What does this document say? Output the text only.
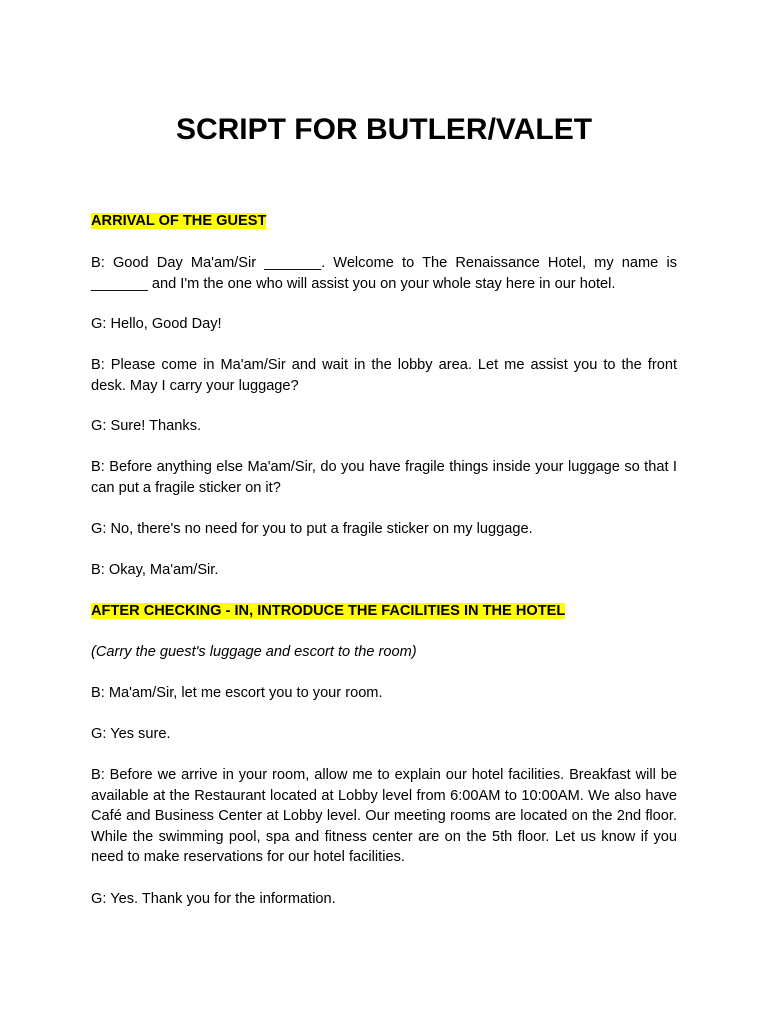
SCRIPT FOR BUTLER/VALET
ARRIVAL OF THE GUEST

B: Good Day Ma'am/Sir _______. Welcome to The Renaissance Hotel, my name is _______ and I'm the one who will assist you on your whole stay here in our hotel.

G: Hello, Good Day!

B: Please come in Ma'am/Sir and wait in the lobby area. Let me assist you to the front desk. May I carry your luggage?

G: Sure! Thanks.

B: Before anything else Ma'am/Sir, do you have fragile things inside your luggage so that I can put a fragile sticker on it?

G: No, there's no need for you to put a fragile sticker on my luggage.

B: Okay, Ma'am/Sir.

AFTER CHECKING - IN, INTRODUCE THE FACILITIES IN THE HOTEL

(Carry the guest's luggage and escort to the room)

B: Ma'am/Sir, let me escort you to your room.

G: Yes sure.

B: Before we arrive in your room, allow me to explain our hotel facilities. Breakfast will be available at the Restaurant located at Lobby level from 6:00AM to 10:00AM. We also have Café and Business Center at Lobby level. Our meeting rooms are located on the 2nd floor. While the swimming pool, spa and fitness center are on the 5th floor. Let us know if you need to make reservations for our hotel facilities.

G: Yes. Thank you for the information.
